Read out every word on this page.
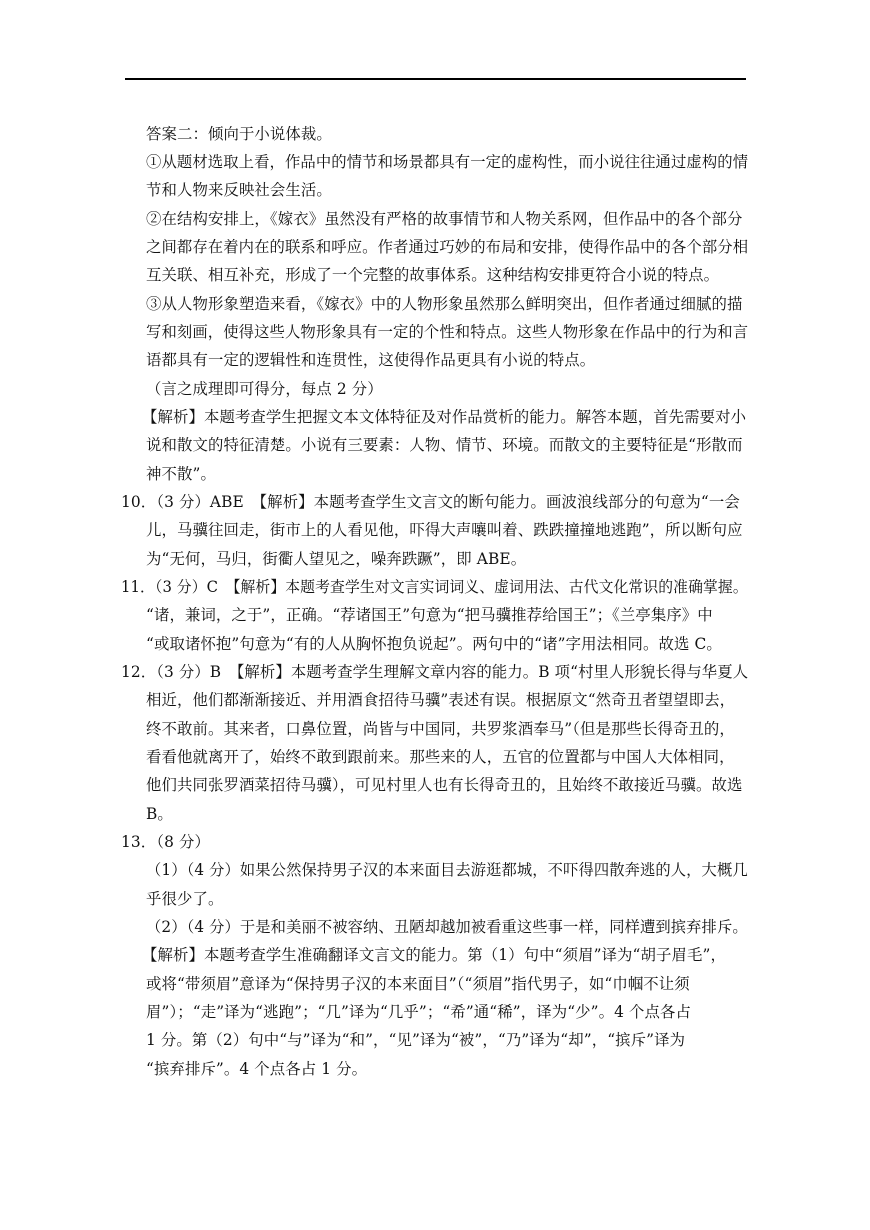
答案二：倾向于小说体裁。
①从题材选取上看，作品中的情节和场景都具有一定的虚构性，而小说往往通过虚构的情
节和人物来反映社会生活。
②在结构安排上，《嫁衣》虽然没有严格的故事情节和人物关系网，但作品中的各个部分
之间都存在着内在的联系和呼应。作者通过巧妙的布局和安排，使得作品中的各个部分相
互关联、相互补充，形成了一个完整的故事体系。这种结构安排更符合小说的特点。
③从人物形象塑造来看，《嫁衣》中的人物形象虽然那么鲜明突出，但作者通过细腻的描
写和刻画，使得这些人物形象具有一定的个性和特点。这些人物形象在作品中的行为和言
语都具有一定的逻辑性和连贯性，这使得作品更具有小说的特点。
（言之成理即可得分，每点 2 分）
【解析】本题考查学生把握文本文体特征及对作品赏析的能力。解答本题，首先需要对小
说和散文的特征清楚。小说有三要素：人物、情节、环境。而散文的主要特征是“形散而
神不散”。
10．（3 分）ABE　【解析】本题考查学生文言文的断句能力。画波浪线部分的句意为“一会
儿，马骥往回走，街市上的人看见他，吓得大声嚷叫着、跌跌撞撞地逃跑”，所以断句应
为“无何，马归，街衢人望见之，噪奔跌蹶”，即 ABE。
11．（3 分）C　【解析】本题考查学生对文言实词词义、虚词用法、古代文化常识的准确掌握。
“诸，兼词，之于”，正确。“荐诸国王”句意为“把马骥推荐给国王”；《兰亭集序》中
“或取诸怀抱”句意为“有的人从胸怀抱负说起”。两句中的“诸”字用法相同。故选 C。
12．（3 分）B　【解析】本题考查学生理解文章内容的能力。B 项“村里人形貌长得与华夏人
相近，他们都渐渐接近、并用酒食招待马骥”表述有误。根据原文“然奇丑者望望即去，
终不敢前。其来者，口鼻位置，尚皆与中国同，共罗浆酒奉马”（但是那些长得奇丑的，
看看他就离开了，始终不敢到跟前来。那些来的人，五官的位置都与中国人大体相同，
他们共同张罗酒菜招待马骥），可见村里人也有长得奇丑的，且始终不敢接近马骥。故选
B。
13．（8 分）
（1）（4 分）如果公然保持男子汉的本来面目去游逛都城，不吓得四散奔逃的人，大概几
乎很少了。
（2）（4 分）于是和美丽不被容纳、丑陋却越加被看重这些事一样，同样遭到摈弃排斥。
【解析】本题考查学生准确翻译文言文的能力。第（1）句中“须眉”译为“胡子眉毛”，
或将“带须眉”意译为“保持男子汉的本来面目”（“须眉”指代男子，如“巾帼不让须
眉”）；“走”译为“逃跑”；“几”译为“几乎”；“希”通“稀”，译为“少”。4 个点各占
1 分。第（2）句中“与”译为“和”，“见”译为“被”，“乃”译为“却”，“摈斥”译为
“摈弃排斥”。4 个点各占 1 分。
